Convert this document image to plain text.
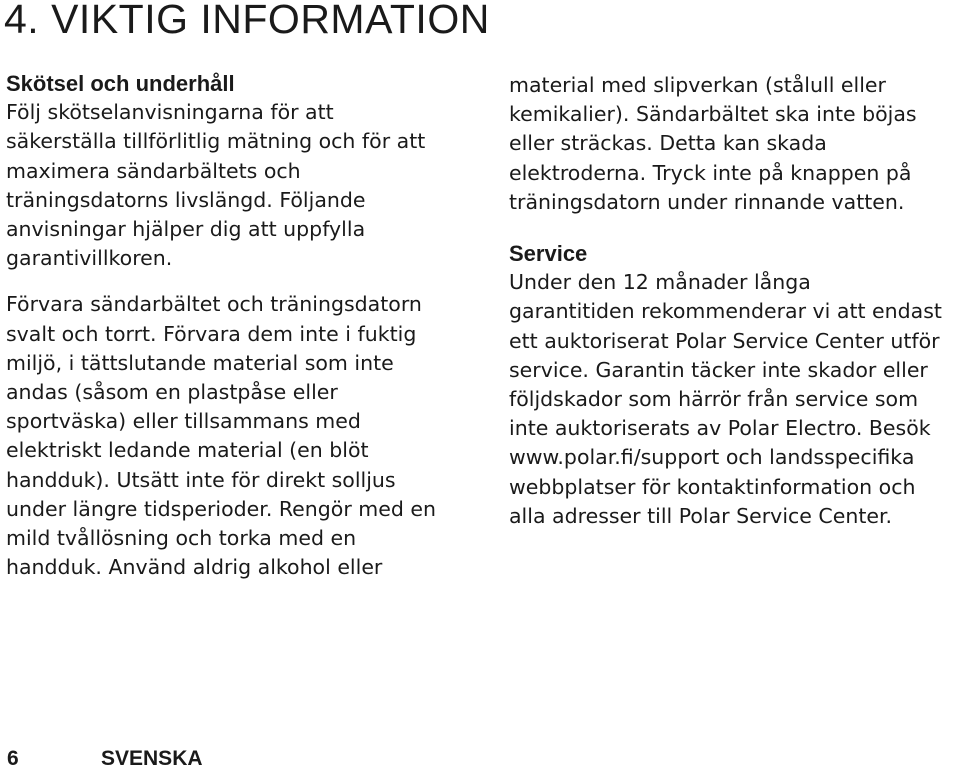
4. VIKTIG INFORMATION
Skötsel och underhåll

Följ skötselanvisningarna för att
säkerställa tillförlitlig mätning och för att
maximera sändarbältets och
träningsdatorns livslängd. Följande
anvisningar hjälper dig att uppfylla
garantivillkoren.

Förvara sändarbältet och träningsdatorn
svalt och torrt. Förvara dem inte i fuktig
miljö, i tättslutande material som inte
andas (såsom en plastpåse eller
sportväska) eller tillsammans med
elektriskt ledande material (en blöt
handduk). Utsätt inte för direkt solljus
under längre tidsperioder. Rengör med en
mild tvållösning och torka med en
handduk. Använd aldrig alkohol eller

material med slipverkan (stålull eller
kemikalier). Sändarbältet ska inte böjas
eller sträckas. Detta kan skada
elektroderna. Tryck inte på knappen på
träningsdatorn under rinnande vatten.

Service

Under den 12 månader långa
garantitiden rekommenderar vi att endast
ett auktoriserat Polar Service Center utför
service. Garantin täcker inte skador eller
följdskador som härrör från service som
inte auktoriserats av Polar Electro. Besök
www.polar.fi/support och landsspecifika
webbplatser för kontaktinformation och
alla adresser till Polar Service Center.

6	SVENSKA
